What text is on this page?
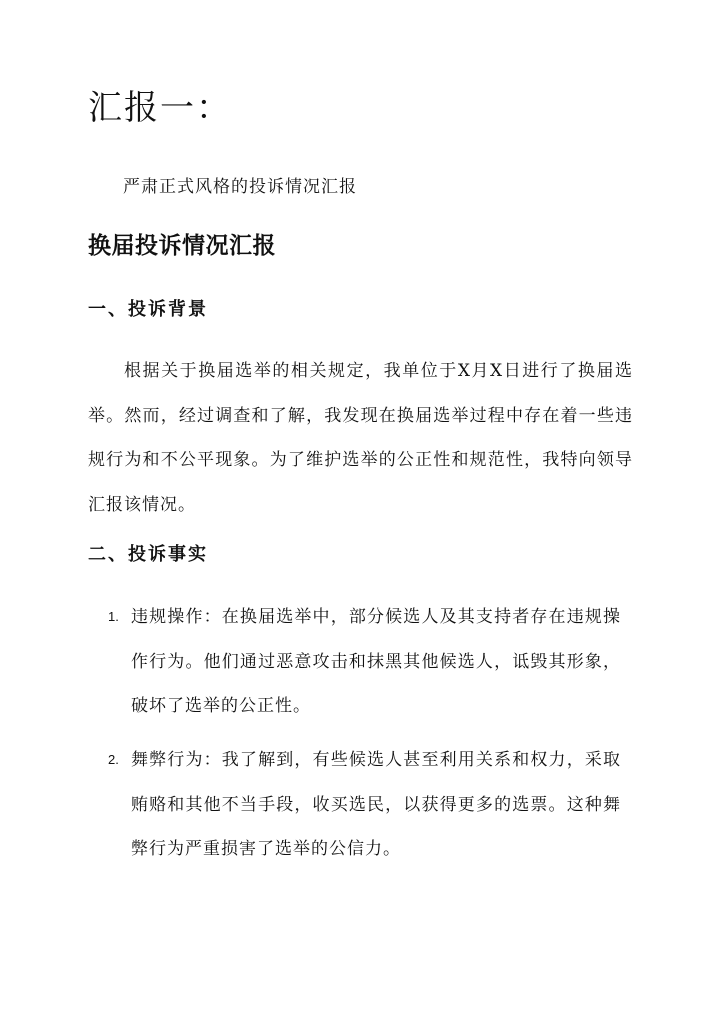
汇报一：
严肃正式风格的投诉情况汇报
换届投诉情况汇报
一、投诉背景

根据关于换届选举的相关规定，我单位于X月X日进行了换届选举。然而，经过调查和了解，我发现在换届选举过程中存在着一些违规行为和不公平现象。为了维护选举的公正性和规范性，我特向领导汇报该情况。

二、投诉事实
1. 违规操作：在换届选举中，部分候选人及其支持者存在违规操作行为。他们通过恶意攻击和抹黑其他候选人，诋毁其形象，破坏了选举的公正性。
2. 舞弊行为：我了解到，有些候选人甚至利用关系和权力，采取贿赂和其他不当手段，收买选民，以获得更多的选票。这种舞弊行为严重损害了选举的公信力。
